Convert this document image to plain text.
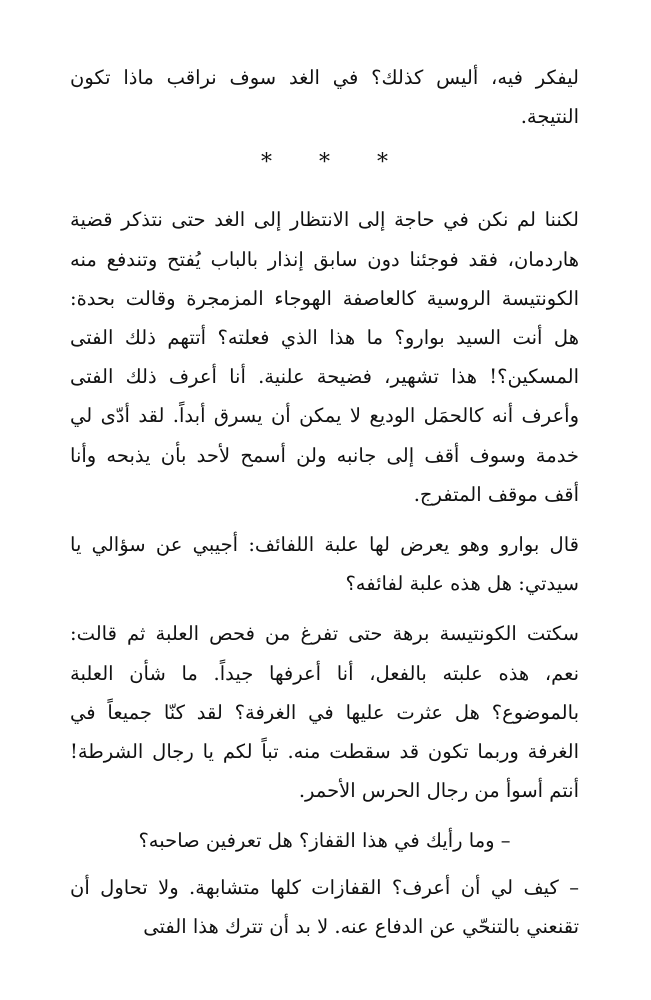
ليفكر فيه، أليس كذلك؟ في الغد سوف نراقب ماذا تكون النتيجة.

* * *

لكننا لم نكن في حاجة إلى الانتظار إلى الغد حتى نتذكر قضية هاردمان، فقد فوجئنا دون سابق إنذار بالباب يُفتح وتندفع منه الكونتيسة الروسية كالعاصفة الهوجاء المزمجرة وقالت بحدة: هل أنت السيد بوارو؟ ما هذا الذي فعلته؟ أتتهم ذلك الفتى المسكين؟! هذا تشهير، فضيحة علنية. أنا أعرف ذلك الفتى وأعرف أنه كالحمَل الوديع لا يمكن أن يسرق أبداً. لقد أدّى لي خدمة وسوف أقف إلى جانبه ولن أسمح لأحد بأن يذبحه وأنا أقف موقف المتفرج.

قال بوارو وهو يعرض لها علبة اللفائف: أجيبي عن سؤالي يا سيدتي: هل هذه علبة لفائفه؟

سكتت الكونتيسة برهة حتى تفرغ من فحص العلبة ثم قالت: نعم، هذه علبته بالفعل، أنا أعرفها جيداً. ما شأن العلبة بالموضوع؟ هل عثرت عليها في الغرفة؟ لقد كنّا جميعاً في الغرفة وربما تكون قد سقطت منه. تباً لكم يا رجال الشرطة! أنتم أسوأ من رجال الحرس الأحمر.

– وما رأيك في هذا القفاز؟ هل تعرفين صاحبه؟

– كيف لي أن أعرف؟ القفازات كلها متشابهة. ولا تحاول أن تقنعني بالتنحّي عن الدفاع عنه. لا بد أن تترك هذا الفتى
